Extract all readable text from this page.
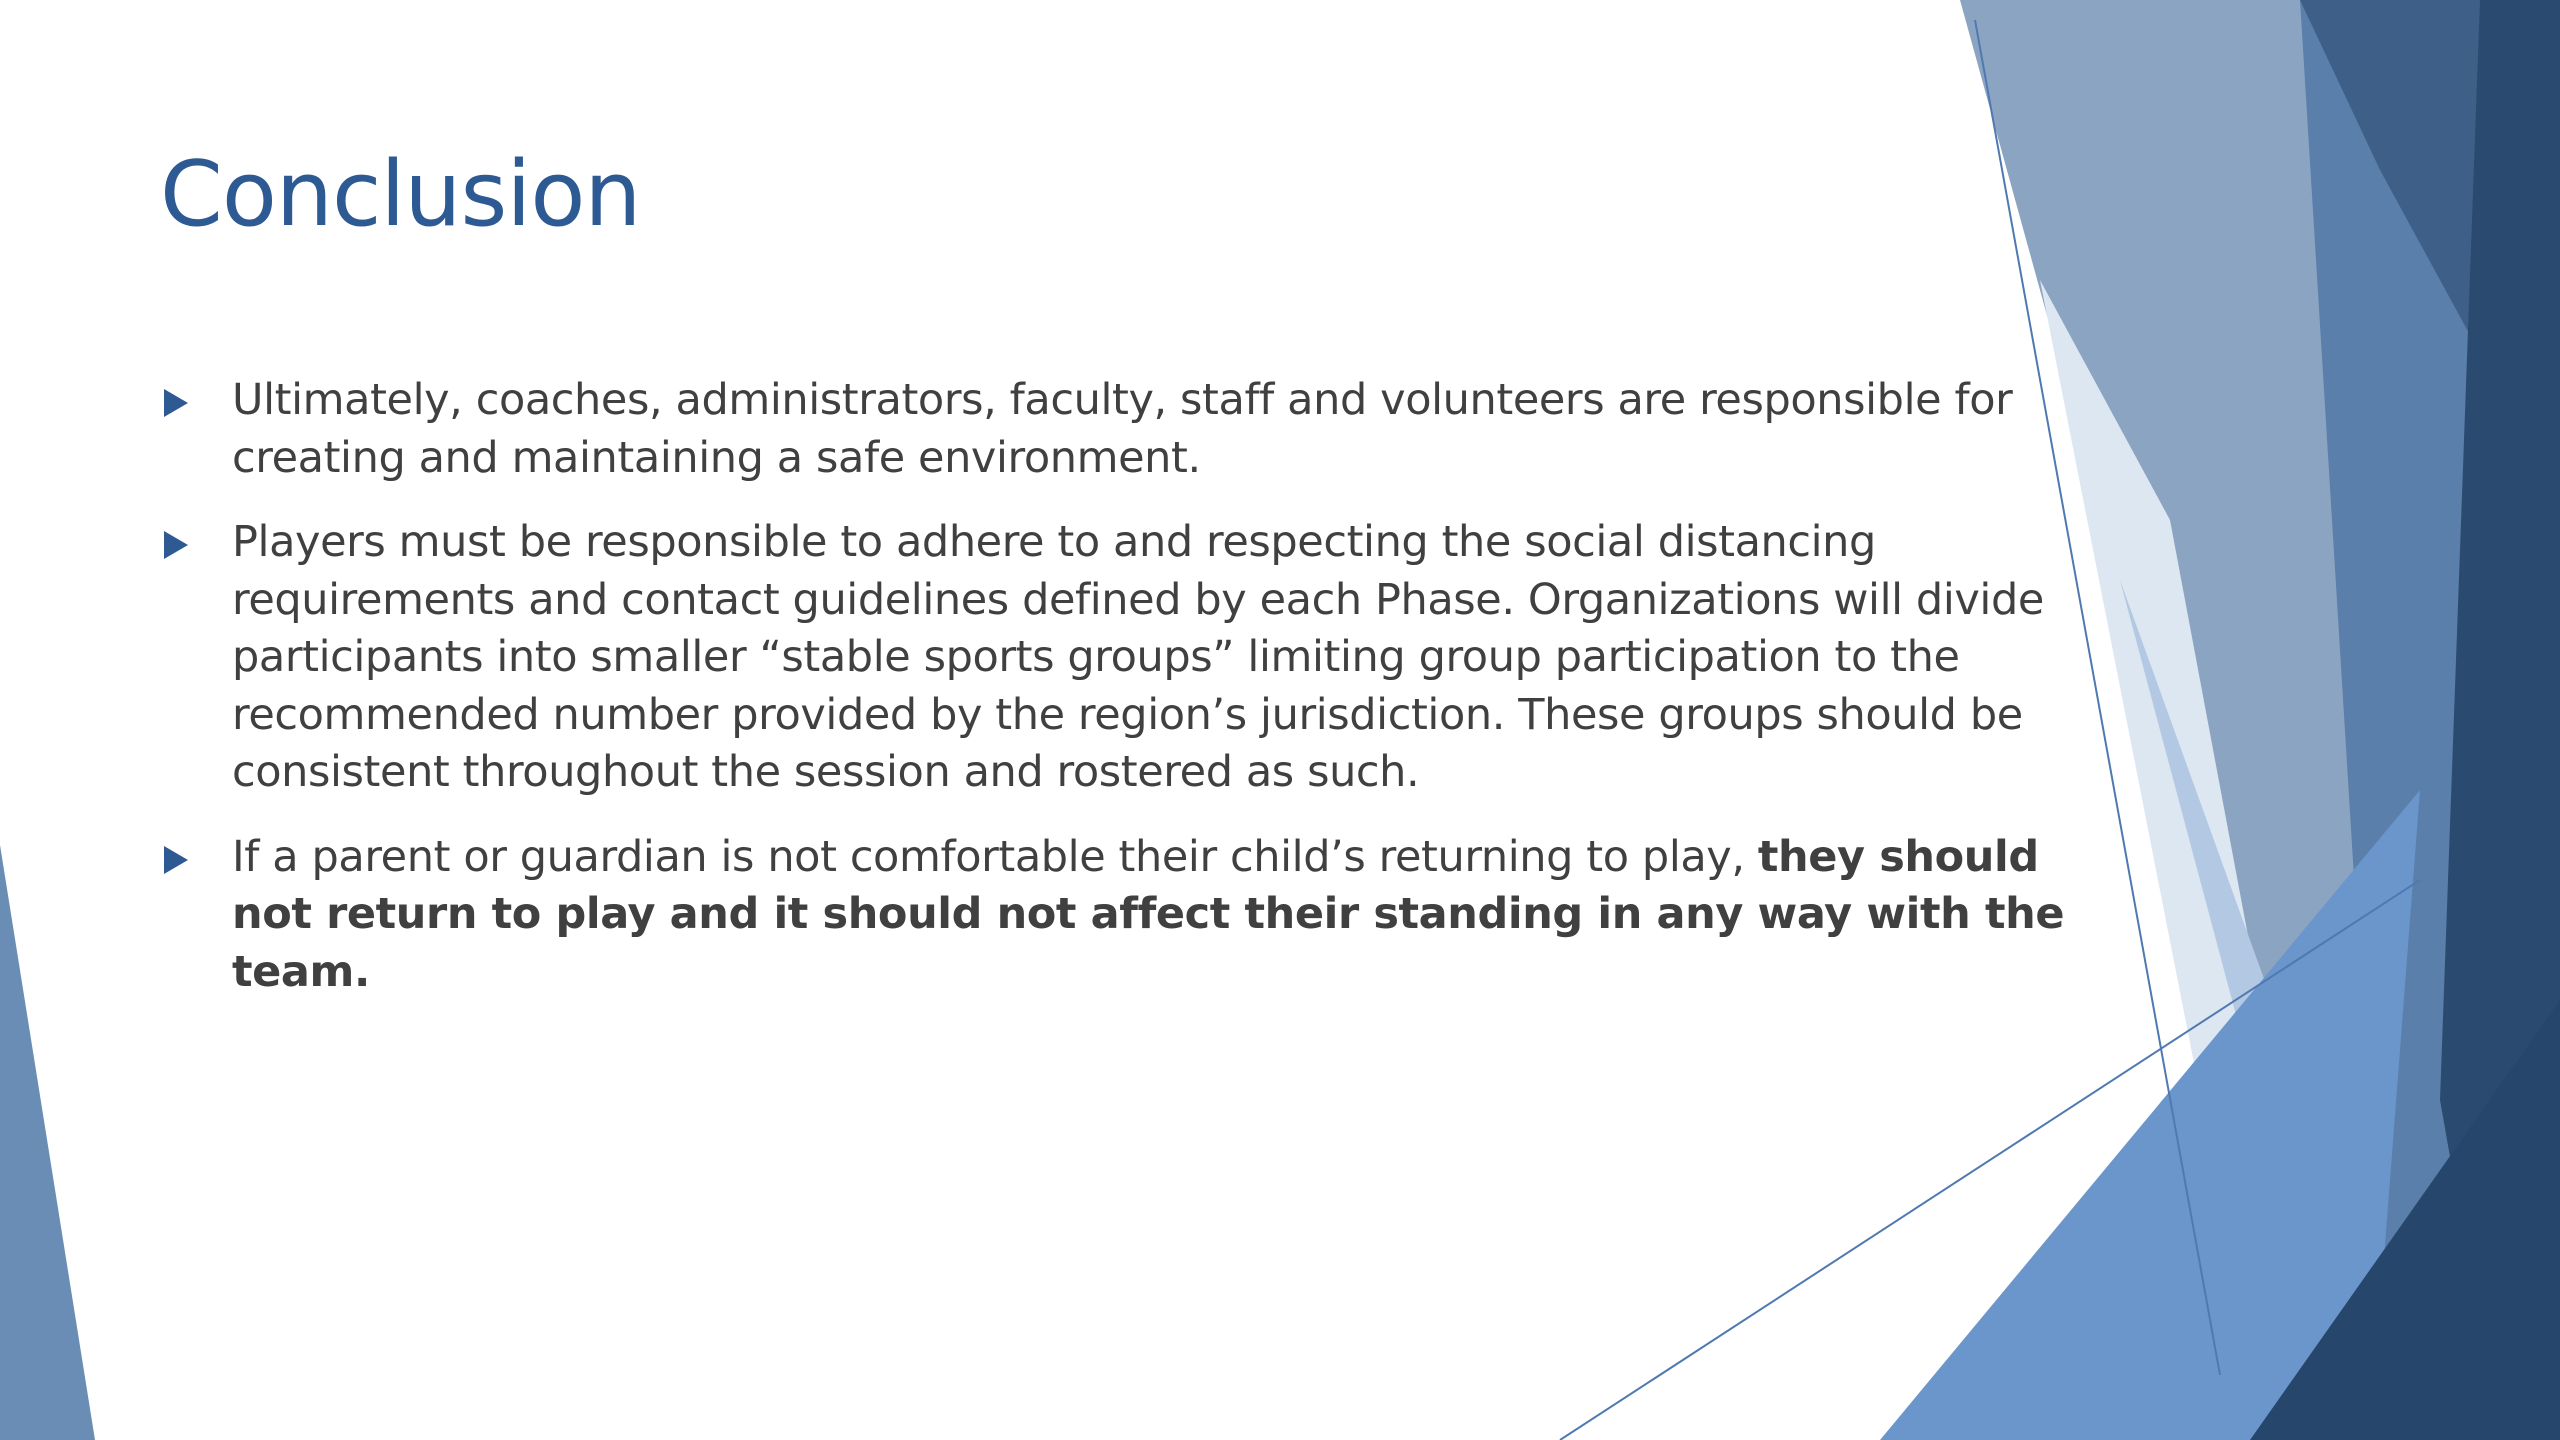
Conclusion
Ultimately, coaches, administrators, faculty, staff and volunteers are responsible for creating and maintaining a safe environment.
Players must be responsible to adhere to and respecting the social distancing requirements and contact guidelines defined by each Phase. Organizations will divide participants into smaller “stable sports groups” limiting group participation to the recommended number provided by the region’s jurisdiction. These groups should be consistent throughout the session and rostered as such.
If a parent or guardian is not comfortable their child’s returning to play, they should not return to play and it should not affect their standing in any way with the team.
